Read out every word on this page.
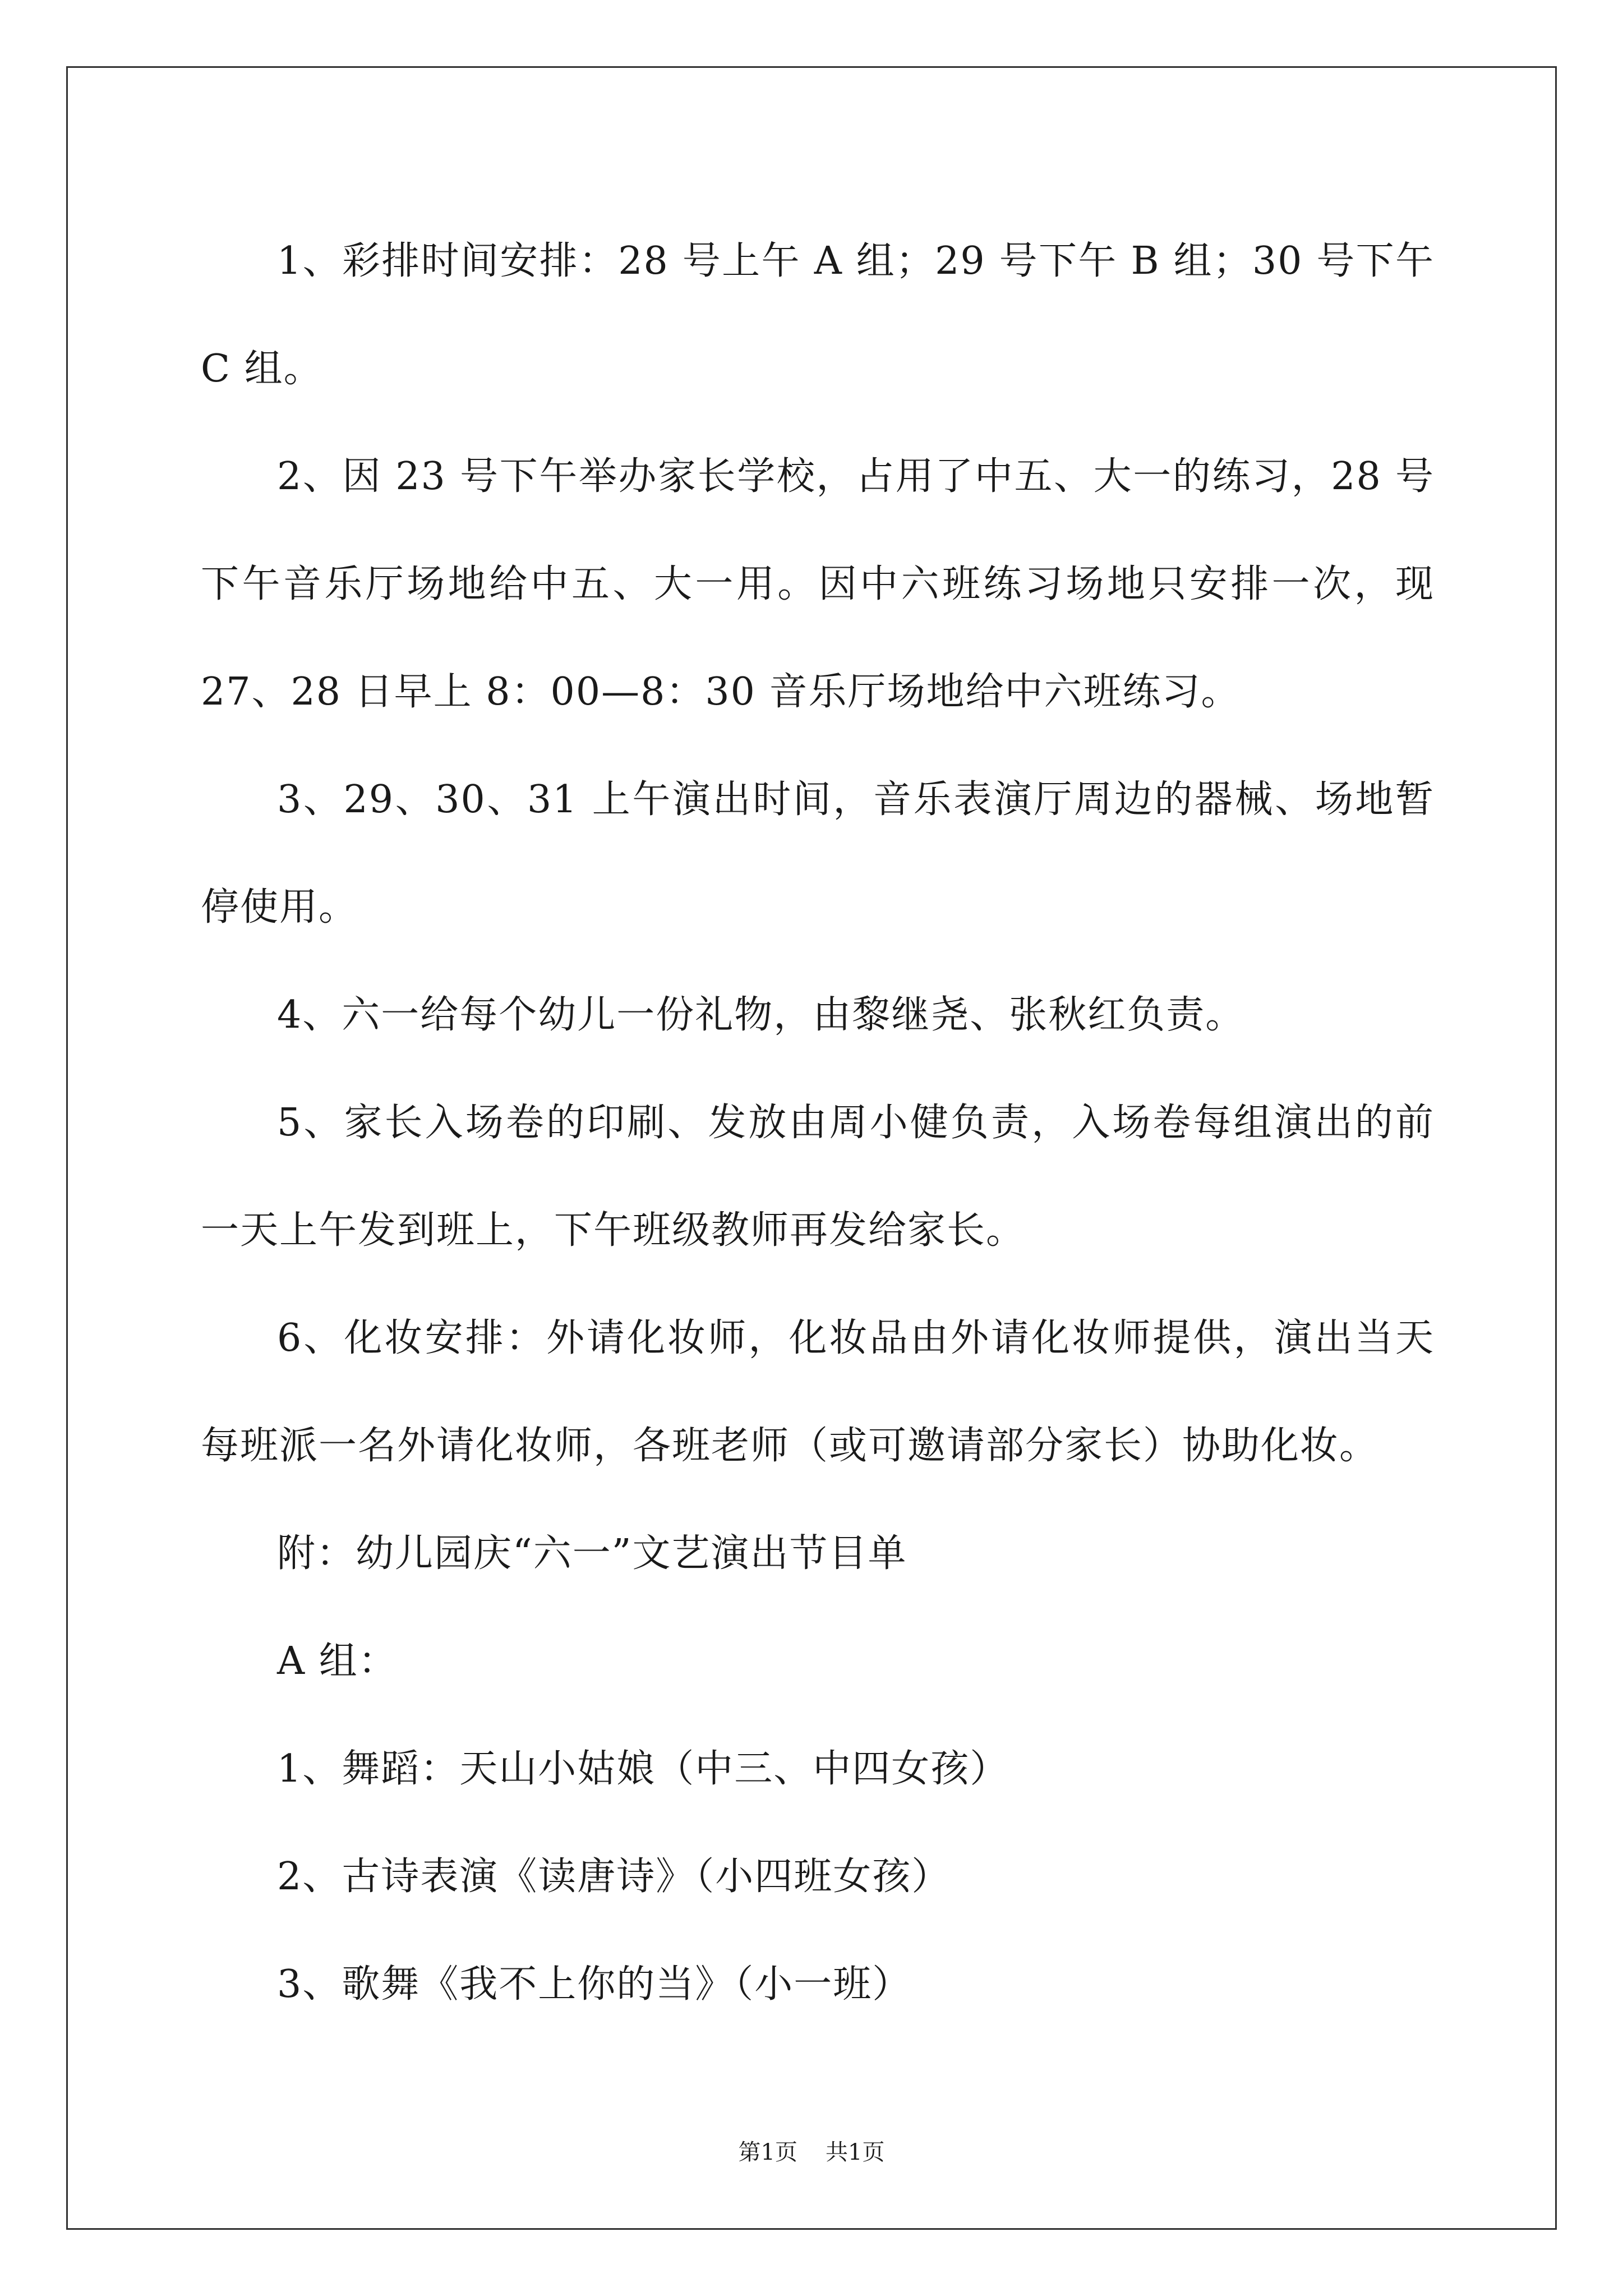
1、彩排时间安排：28 号上午 A 组；29 号下午 B 组；30 号下午 C 组。

2、因 23 号下午举办家长学校，占用了中五、大一的练习，28 号下午音乐厅场地给中五、大一用。因中六班练习场地只安排一次，现 27、28 日早上 8：00—8：30 音乐厅场地给中六班练习。

3、29、30、31 上午演出时间，音乐表演厅周边的器械、场地暂停使用。

4、六一给每个幼儿一份礼物，由黎继尧、张秋红负责。

5、家长入场卷的印刷、发放由周小健负责，入场卷每组演出的前一天上午发到班上，下午班级教师再发给家长。

6、化妆安排：外请化妆师，化妆品由外请化妆师提供，演出当天每班派一名外请化妆师，各班老师（或可邀请部分家长）协助化妆。

附：幼儿园庆“六一”文艺演出节目单

A 组：

1、舞蹈：天山小姑娘（中三、中四女孩）

2、古诗表演《读唐诗》（小四班女孩）

3、歌舞《我不上你的当》（小一班）

第1页 共1页
